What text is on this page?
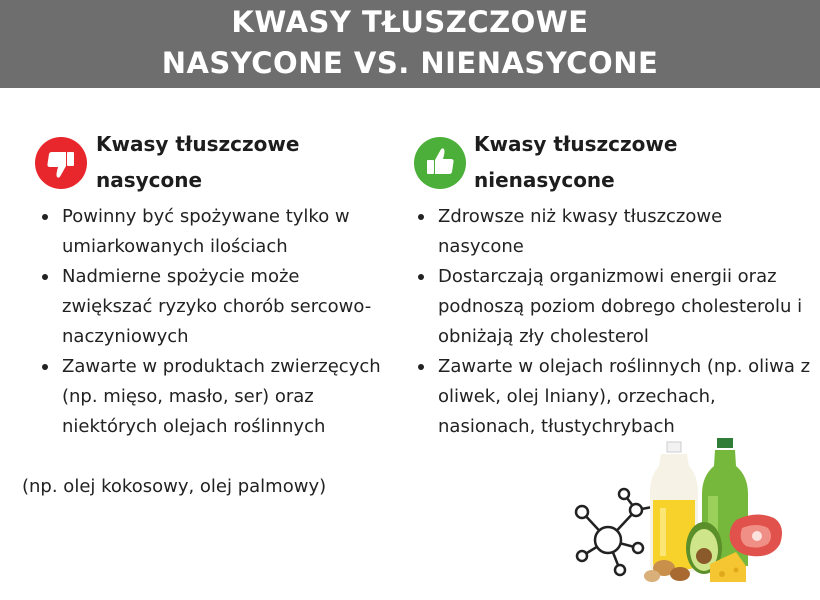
KWASY TŁUSZCZOWE
NASYCONE VS. NIENASYCONE
Kwasy tłuszczowe
nasycone
Powinny być spożywane tylko w umiarkowanych ilościach
Nadmierne spożycie może zwiększać ryzyko chorób sercowo-naczyniowych
Zawarte w produktach zwierzęcych (np. mięso, masło, ser) oraz niektórych olejach roślinnych
(np. olej kokosowy, olej palmowy)
Kwasy tłuszczowe
nienasycone
Zdrowsze niż kwasy tłuszczowe nasycone
Dostarczają organizmowi energii oraz podnoszą poziom dobrego cholesterolu i obniżają zły cholesterol
Zawarte w olejach roślinnych (np. oliwa z oliwek, olej lniany), orzechach, nasionach, tłustychrybach
